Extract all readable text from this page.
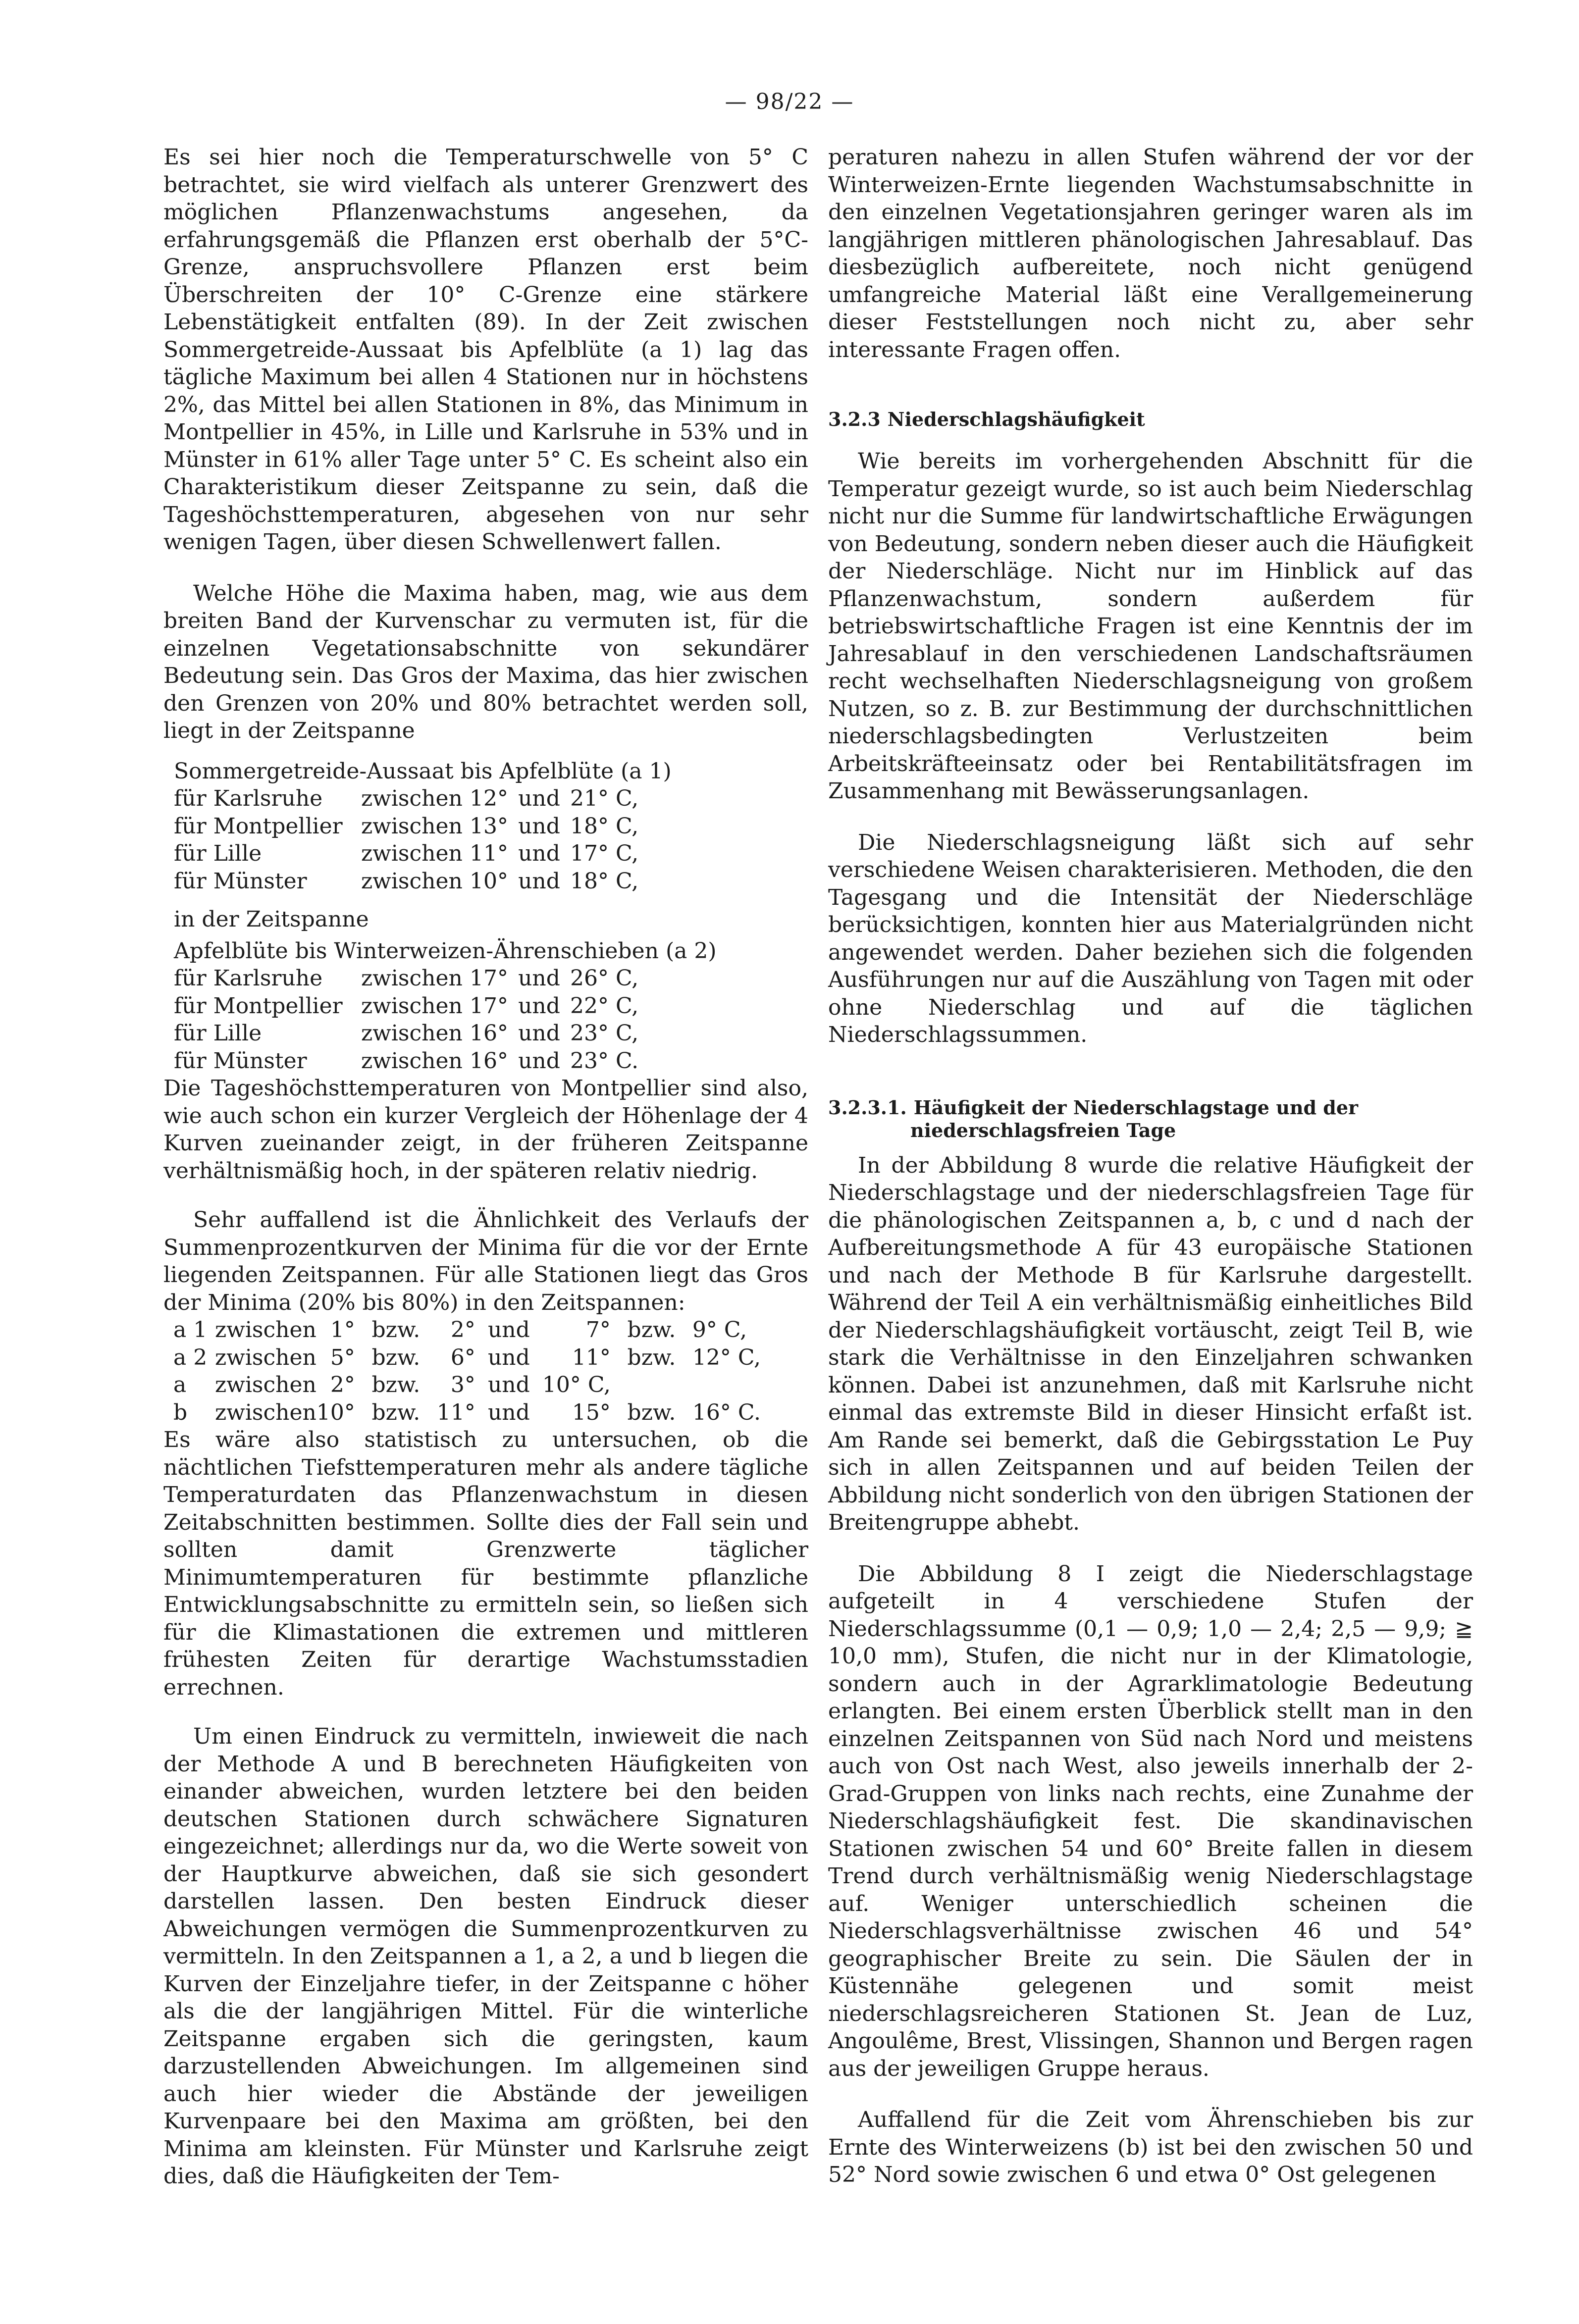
— 98/22 —

Es sei hier noch die Temperaturschwelle von 5° C betrachtet, sie wird vielfach als unterer Grenzwert des möglichen Pflanzenwachstums angesehen, da erfahrungsgemäß die Pflanzen erst oberhalb der 5°C-Grenze, anspruchsvollere Pflanzen erst beim Überschreiten der 10° C-Grenze eine stärkere Lebenstätigkeit entfalten (89). In der Zeit zwischen Sommergetreide-Aussaat bis Apfelblüte (a 1) lag das tägliche Maximum bei allen 4 Stationen nur in höchstens 2%, das Mittel bei allen Stationen in 8%, das Minimum in Montpellier in 45%, in Lille und Karlsruhe in 53% und in Münster in 61% aller Tage unter 5° C. Es scheint also ein Charakteristikum dieser Zeitspanne zu sein, daß die Tageshöchsttemperaturen, abgesehen von nur sehr wenigen Tagen, über diesen Schwellenwert fallen.

Welche Höhe die Maxima haben, mag, wie aus dem breiten Band der Kurvenschar zu vermuten ist, für die einzelnen Vegetationsabschnitte von sekundärer Bedeutung sein. Das Gros der Maxima, das hier zwischen den Grenzen von 20% und 80% betrachtet werden soll, liegt in der Zeitspanne

Sommergetreide-Aussaat bis Apfelblüte (a 1)
für Karlsruhe	zwischen	12°	und	21° C,
für Montpellier	zwischen	13°	und	18° C,
für Lille	zwischen	11°	und	17° C,
für Münster	zwischen	10°	und	18° C,
in der Zeitspanne
Apfelblüte bis Winterweizen-Ährenschieben (a 2)
für Karlsruhe	zwischen	17°	und	26° C,
für Montpellier	zwischen	17°	und	22° C,
für Lille	zwischen	16°	und	23° C,
für Münster	zwischen	16°	und	23° C.

Die Tageshöchsttemperaturen von Montpellier sind also, wie auch schon ein kurzer Vergleich der Höhenlage der 4 Kurven zueinander zeigt, in der früheren Zeitspanne verhältnismäßig hoch, in der späteren relativ niedrig.

Sehr auffallend ist die Ähnlichkeit des Verlaufs der Summenprozentkurven der Minima für die vor der Ernte liegenden Zeitspannen. Für alle Stationen liegt das Gros der Minima (20% bis 80%) in den Zeitspannen:

a 1	zwischen	1°	bzw.	2°	und	7°	bzw.	9° C,
a 2	zwischen	5°	bzw.	6°	und	11°	bzw.	12° C,
a	zwischen	2°	bzw.	3°	und	10° C,		
b	zwischen	10°	bzw.	11°	und	15°	bzw.	16° C.

Es wäre also statistisch zu untersuchen, ob die nächtlichen Tiefsttemperaturen mehr als andere tägliche Temperaturdaten das Pflanzenwachstum in diesen Zeitabschnitten bestimmen. Sollte dies der Fall sein und sollten damit Grenzwerte täglicher Minimumtemperaturen für bestimmte pflanzliche Entwicklungsabschnitte zu ermitteln sein, so ließen sich für die Klimastationen die extremen und mittleren frühesten Zeiten für derartige Wachstumsstadien errechnen.

Um einen Eindruck zu vermitteln, inwieweit die nach der Methode A und B berechneten Häufigkeiten von einander abweichen, wurden letztere bei den beiden deutschen Stationen durch schwächere Signaturen eingezeichnet; allerdings nur da, wo die Werte soweit von der Hauptkurve abweichen, daß sie sich gesondert darstellen lassen. Den besten Eindruck dieser Abweichungen vermögen die Summenprozentkurven zu vermitteln. In den Zeitspannen a 1, a 2, a und b liegen die Kurven der Einzeljahre tiefer, in der Zeitspanne c höher als die der langjährigen Mittel. Für die winterliche Zeitspanne ergaben sich die geringsten, kaum darzustellenden Abweichungen. Im allgemeinen sind auch hier wieder die Abstände der jeweiligen Kurvenpaare bei den Maxima am größten, bei den Minima am kleinsten. Für Münster und Karlsruhe zeigt dies, daß die Häufigkeiten der Tem-

peraturen nahezu in allen Stufen während der vor der Winterweizen-Ernte liegenden Wachstumsabschnitte in den einzelnen Vegetationsjahren geringer waren als im langjährigen mittleren phänologischen Jahresablauf. Das diesbezüglich aufbereitete, noch nicht genügend umfangreiche Material läßt eine Verallgemeinerung dieser Feststellungen noch nicht zu, aber sehr interessante Fragen offen.

3.2.3 Niederschlagshäufigkeit

Wie bereits im vorhergehenden Abschnitt für die Temperatur gezeigt wurde, so ist auch beim Niederschlag nicht nur die Summe für landwirtschaftliche Erwägungen von Bedeutung, sondern neben dieser auch die Häufigkeit der Niederschläge. Nicht nur im Hinblick auf das Pflanzenwachstum, sondern außerdem für betriebswirtschaftliche Fragen ist eine Kenntnis der im Jahresablauf in den verschiedenen Landschaftsräumen recht wechselhaften Niederschlagsneigung von großem Nutzen, so z. B. zur Bestimmung der durchschnittlichen niederschlagsbedingten Verlustzeiten beim Arbeitskräfteeinsatz oder bei Rentabilitätsfragen im Zusammenhang mit Bewässerungsanlagen.

Die Niederschlagsneigung läßt sich auf sehr verschiedene Weisen charakterisieren. Methoden, die den Tagesgang und die Intensität der Niederschläge berücksichtigen, konnten hier aus Materialgründen nicht angewendet werden. Daher beziehen sich die folgenden Ausführungen nur auf die Auszählung von Tagen mit oder ohne Niederschlag und auf die täglichen Niederschlagssummen.

3.2.3.1. Häufigkeit der Niederschlagstage und der
niederschlagsfreien Tage

In der Abbildung 8 wurde die relative Häufigkeit der Niederschlagstage und der niederschlagsfreien Tage für die phänologischen Zeitspannen a, b, c und d nach der Aufbereitungsmethode A für 43 europäische Stationen und nach der Methode B für Karlsruhe dargestellt. Während der Teil A ein verhältnismäßig einheitliches Bild der Niederschlagshäufigkeit vortäuscht, zeigt Teil B, wie stark die Verhältnisse in den Einzeljahren schwanken können. Dabei ist anzunehmen, daß mit Karlsruhe nicht einmal das extremste Bild in dieser Hinsicht erfaßt ist. Am Rande sei bemerkt, daß die Gebirgsstation Le Puy sich in allen Zeitspannen und auf beiden Teilen der Abbildung nicht sonderlich von den übrigen Stationen der Breitengruppe abhebt.

Die Abbildung 8 I zeigt die Niederschlagstage aufgeteilt in 4 verschiedene Stufen der Niederschlagssumme (0,1 — 0,9; 1,0 — 2,4; 2,5 — 9,9; ≧ 10,0 mm), Stufen, die nicht nur in der Klimatologie, sondern auch in der Agrarklimatologie Bedeutung erlangten. Bei einem ersten Überblick stellt man in den einzelnen Zeitspannen von Süd nach Nord und meistens auch von Ost nach West, also jeweils innerhalb der 2-Grad-Gruppen von links nach rechts, eine Zunahme der Niederschlagshäufigkeit fest. Die skandinavischen Stationen zwischen 54 und 60° Breite fallen in diesem Trend durch verhältnismäßig wenig Niederschlagstage auf. Weniger unterschiedlich scheinen die Niederschlagsverhältnisse zwischen 46 und 54° geographischer Breite zu sein. Die Säulen der in Küstennähe gelegenen und somit meist niederschlagsreicheren Stationen St. Jean de Luz, Angoulême, Brest, Vlissingen, Shannon und Bergen ragen aus der jeweiligen Gruppe heraus.

Auffallend für die Zeit vom Ährenschieben bis zur Ernte des Winterweizens (b) ist bei den zwischen 50 und 52° Nord sowie zwischen 6 und etwa 0° Ost gelegenen
